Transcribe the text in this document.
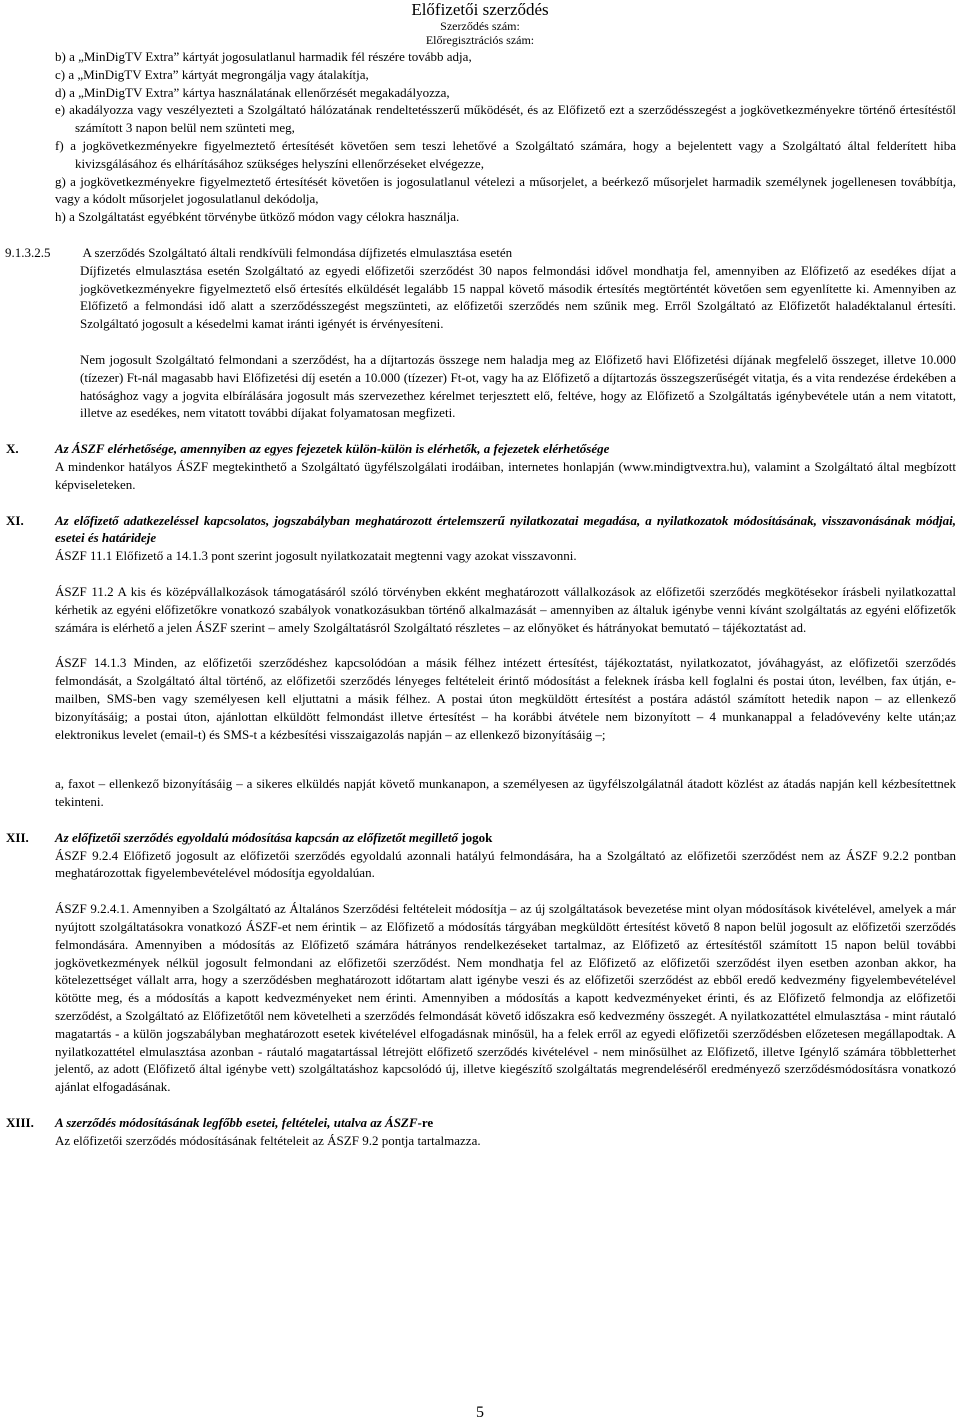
Előfizetői szerződés
Szerződés szám:
Előregisztrációs szám:

b) a „MinDigTV Extra” kártyát jogosulatlanul harmadik fél részére tovább adja,

c) a „MinDigTV Extra” kártyát megrongálja vagy átalakítja,

d) a „MinDigTV Extra” kártya használatának ellenőrzését megakadályozza,

e) akadályozza vagy veszélyezteti a Szolgáltató hálózatának rendeltetésszerű működését, és az Előfizető ezt a szerződésszegést a jogkövetkezményekre történő értesítéstől számított 3 napon belül nem szünteti meg,

f) a jogkövetkezményekre figyelmeztető értesítését követően sem teszi lehetővé a Szolgáltató számára, hogy a bejelentett vagy a Szolgáltató által felderített hiba kivizsgálásához és elhárításához szükséges helyszíni ellenőrzéseket elvégezze,

g) a jogkövetkezményekre figyelmeztető értesítését követően is jogosulatlanul vételezi a műsorjelet, a beérkező műsorjelet harmadik személynek jogellenesen továbbítja, vagy a kódolt műsorjelet jogosulatlanul dekódolja,

h) a Szolgáltatást egyébként törvénybe ütköző módon vagy célokra használja.

9.1.3.2.5 A szerződés Szolgáltató általi rendkívüli felmondása díjfizetés elmulasztása esetén

Díjfizetés elmulasztása esetén Szolgáltató az egyedi előfizetői szerződést 30 napos felmondási idővel mondhatja fel, amennyiben az Előfizető az esedékes díjat a jogkövetkezményekre figyelmeztető első értesítés elküldését legalább 15 nappal követő második értesítés megtörténtét követően sem egyenlítette ki. Amennyiben az Előfizető a felmondási idő alatt a szerződésszegést megszünteti, az előfizetői szerződés nem szűnik meg. Erről Szolgáltató az Előfizetőt haladéktalanul értesíti. Szolgáltató jogosult a késedelmi kamat iránti igényét is érvényesíteni.

Nem jogosult Szolgáltató felmondani a szerződést, ha a díjtartozás összege nem haladja meg az Előfizető havi Előfizetési díjának megfelelő összeget, illetve 10.000 (tízezer) Ft-nál magasabb havi Előfizetési díj esetén a 10.000 (tízezer) Ft-ot, vagy ha az Előfizető a díjtartozás összegszerűségét vitatja, és a vita rendezése érdekében a hatósághoz vagy a jogvita elbírálására jogosult más szervezethez kérelmet terjesztett elő, feltéve, hogy az Előfizető a Szolgáltatás igénybevétele után a nem vitatott, illetve az esedékes, nem vitatott további díjakat folyamatosan megfizeti.

X.	Az ÁSZF elérhetősége, amennyiben az egyes fejezetek külön-külön is elérhetők, a fejezetek elérhetősége

A mindenkor hatályos ÁSZF megtekinthető a Szolgáltató ügyfélszolgálati irodáiban, internetes honlapján (www.mindigtvextra.hu), valamint a Szolgáltató által megbízott képviseleteken.

XI.	Az előfizető adatkezeléssel kapcsolatos, jogszabályban meghatározott értelemszerű nyilatkozatai megadása, a nyilatkozatok módosításának, visszavonásának módjai, esetei és határideje

ÁSZF 11.1 Előfizető a 14.1.3 pont szerint jogosult nyilatkozatait megtenni vagy azokat visszavonni.

ÁSZF 11.2 A kis és középvállalkozások támogatásáról szóló törvényben ekként meghatározott vállalkozások az előfizetői szerződés megkötésekor írásbeli nyilatkozattal kérhetik az egyéni előfizetőkre vonatkozó szabályok vonatkozásukban történő alkalmazását – amennyiben az általuk igénybe venni kívánt szolgáltatás az egyéni előfizetők számára is elérhető a jelen ÁSZF szerint – amely Szolgáltatásról Szolgáltató részletes – az előnyöket és hátrányokat bemutató – tájékoztatást ad.

ÁSZF 14.1.3 Minden, az előfizetői szerződéshez kapcsolódóan a másik félhez intézett értesítést, tájékoztatást, nyilatkozatot, jóváhagyást, az előfizetői szerződés felmondását, a Szolgáltató által történő, az előfizetői szerződés lényeges feltételeit érintő módosítást a feleknek írásba kell foglalni és postai úton, levélben, fax útján, e-mailben, SMS-ben vagy személyesen kell eljuttatni a másik félhez. A postai úton megküldött értesítést a postára adástól számított hetedik napon – az ellenkező bizonyításáig; a postai úton, ajánlottan elküldött felmondást illetve értesítést – ha korábbi átvétele nem bizonyított – 4 munkanappal a feladóvevény kelte után;az elektronikus levelet (email-t) és SMS-t a kézbesítési visszaigazolás napján – az ellenkező bizonyításáig –;

a, faxot – ellenkező bizonyításáig – a sikeres elküldés napját követő munkanapon, a személyesen az ügyfélszolgálatnál átadott közlést az átadás napján kell kézbesítettnek tekinteni.

XII.	Az előfizetői szerződés egyoldalú módosítása kapcsán az előfizetőt megillető jogok

ÁSZF 9.2.4 Előfizető jogosult az előfizetői szerződés egyoldalú azonnali hatályú felmondására, ha a Szolgáltató az előfizetői szerződést nem az ÁSZF 9.2.2 pontban meghatározottak figyelembevételével módosítja egyoldalúan.

ÁSZF 9.2.4.1. Amennyiben a Szolgáltató az Általános Szerződési feltételeit módosítja – az új szolgáltatások bevezetése mint olyan módosítások kivételével, amelyek a már nyújtott szolgáltatásokra vonatkozó ÁSZF-et nem érintik – az Előfizető a módosítás tárgyában megküldött értesítést követő 8 napon belül jogosult az előfizetői szerződés felmondására. Amennyiben a módosítás az Előfizető számára hátrányos rendelkezéseket tartalmaz, az Előfizető az értesítéstől számított 15 napon belül további jogkövetkezmények nélkül jogosult felmondani az előfizetői szerződést. Nem mondhatja fel az Előfizető az előfizetői szerződést ilyen esetben azonban akkor, ha kötelezettséget vállalt arra, hogy a szerződésben meghatározott időtartam alatt igénybe veszi és az előfizetői szerződést az ebből eredő kedvezmény figyelembevételével kötötte meg, és a módosítás a kapott kedvezményeket nem érinti. Amennyiben a módosítás a kapott kedvezményeket érinti, és az Előfizető felmondja az előfizetői szerződést, a Szolgáltató az Előfizetőtől nem követelheti a szerződés felmondását követő időszakra eső kedvezmény összegét. A nyilatkozattétel elmulasztása - mint ráutaló magatartás - a külön jogszabályban meghatározott esetek kivételével elfogadásnak minősül, ha a felek erről az egyedi előfizetői szerződésben előzetesen megállapodtak. A nyilatkozattétel elmulasztása azonban - ráutaló magatartással létrejött előfizető szerződés kivételével - nem minősülhet az Előfizető, illetve Igénylő számára többletterhet jelentő, az adott (Előfizető által igénybe vett) szolgáltatáshoz kapcsolódó új, illetve kiegészítő szolgáltatás megrendeléséről eredményező szerződésmódosításra vonatkozó ajánlat elfogadásának.

XIII.	A szerződés módosításának legfőbb esetei, feltételei, utalva az ÁSZF-re

Az előfizetői szerződés módosításának feltételeit az ÁSZF 9.2 pontja tartalmazza.

5
